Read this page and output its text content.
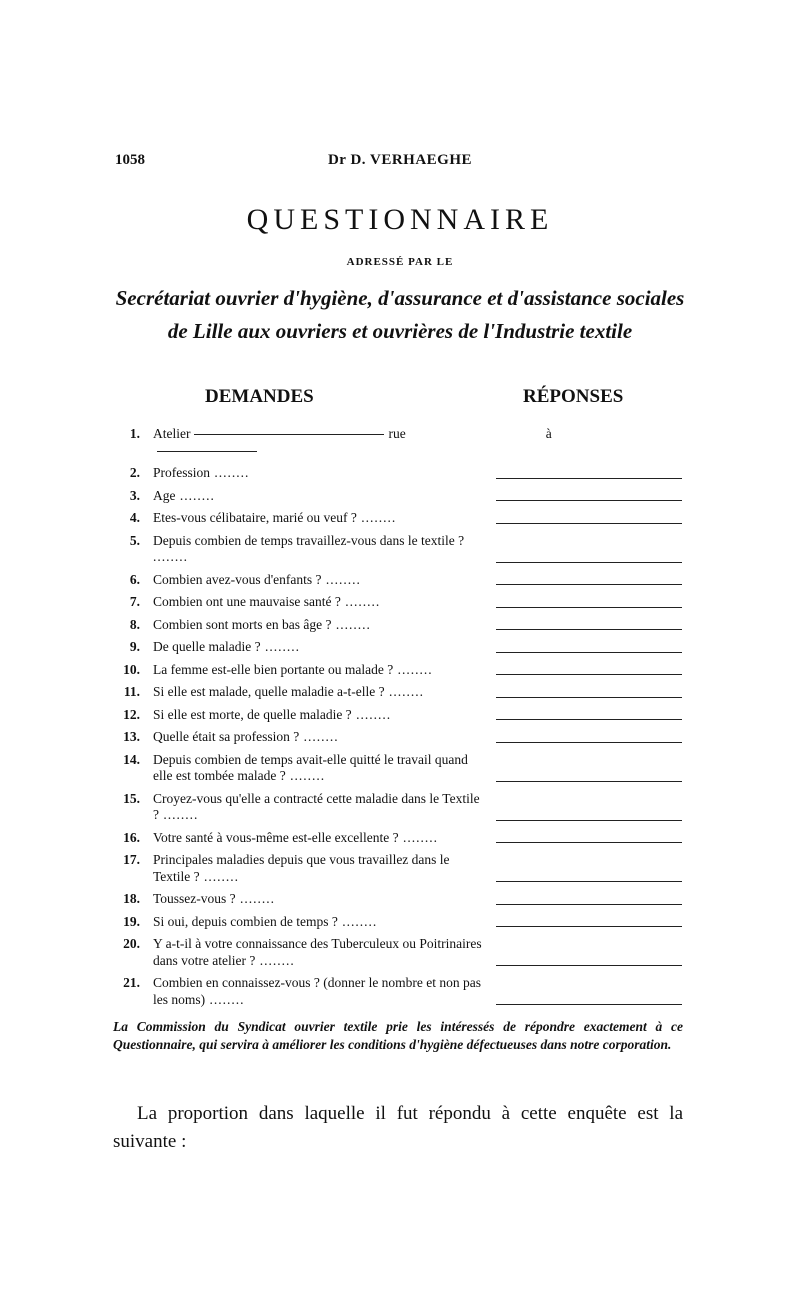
1058	Dr D. VERHAEGHE
QUESTIONNAIRE
ADRESSÉ PAR LE
Secrétariat ouvrier d'hygiène, d'assurance et d'assistance sociales
de Lille aux ouvriers et ouvrières de l'Industrie textile
DEMANDES	RÉPONSES
1. Atelier	rue	à
2. Profession ........
3. Age ........
4. Etes-vous célibataire, marié ou veuf ? ........
5. Depuis combien de temps travaillez-vous dans le textile ? ........
6. Combien avez-vous d'enfants ? ........
7. Combien ont une mauvaise santé ? ........
8. Combien sont morts en bas âge ? ........
9. De quelle maladie ? ........
10. La femme est-elle bien portante ou malade ? ........
11. Si elle est malade, quelle maladie a-t-elle ? ........
12. Si elle est morte, de quelle maladie ? ........
13. Quelle était sa profession ? ........
14. Depuis combien de temps avait-elle quitté le travail quand elle est tombée malade ? ........
15. Croyez-vous qu'elle a contracté cette maladie dans le Textile ? ........
16. Votre santé à vous-même est-elle excellente ? ........
17. Principales maladies depuis que vous travaillez dans le Textile ? ........
18. Toussez-vous ? ........
19. Si oui, depuis combien de temps ? ........
20. Y a-t-il à votre connaissance des Tuberculeux ou Poitrinaires dans votre atelier ? ........
21. Combien en connaissez-vous ? (donner le nombre et non pas les noms) ........
La Commission du Syndicat ouvrier textile prie les intéressés de répondre exactement à ce Questionnaire, qui servira à améliorer les conditions d'hygiène défectueuses dans notre corporation.
La proportion dans laquelle il fut répondu à cette enquête est la suivante :
